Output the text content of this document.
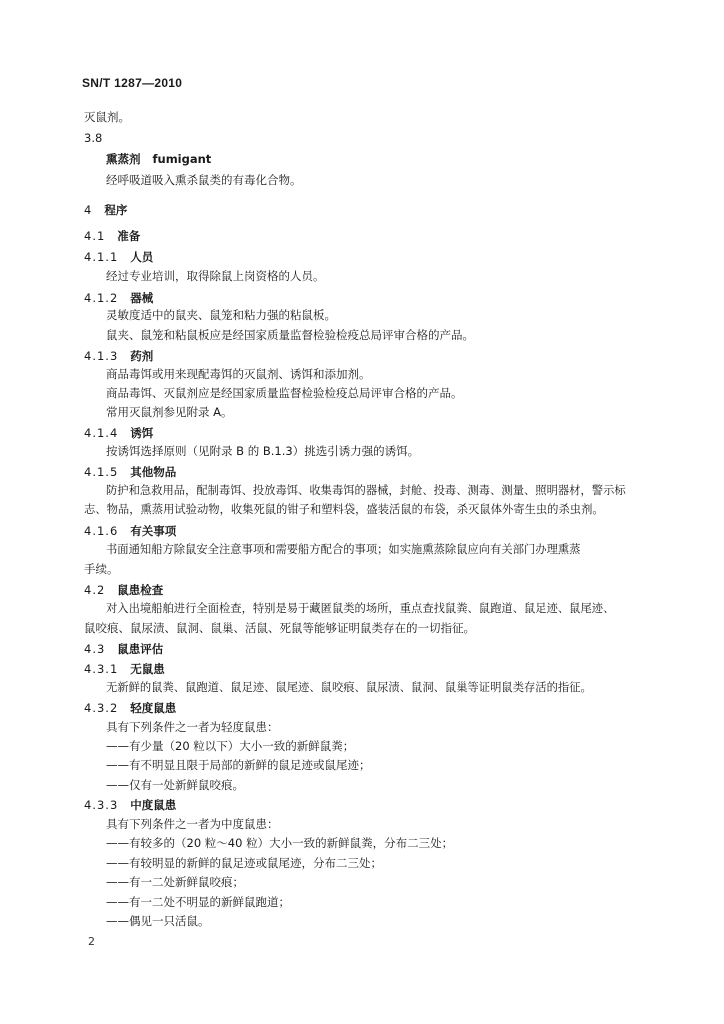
SN/T 1287—2010
灭鼠剂。
3.8
熏蒸剂 fumigant
经呼吸道吸入熏杀鼠类的有毒化合物。
4 程序
4.1 准备
4.1.1 人员
经过专业培训，取得除鼠上岗资格的人员。
4.1.2 器械
灵敏度适中的鼠夹、鼠笼和粘力强的粘鼠板。
鼠夹、鼠笼和粘鼠板应是经国家质量监督检验检疫总局评审合格的产品。
4.1.3 药剂
商品毒饵或用来现配毒饵的灭鼠剂、诱饵和添加剂。
商品毒饵、灭鼠剂应是经国家质量监督检验检疫总局评审合格的产品。
常用灭鼠剂参见附录 A。
4.1.4 诱饵
按诱饵选择原则（见附录 B 的 B.1.3）挑选引诱力强的诱饵。
4.1.5 其他物品
防护和急救用品，配制毒饵、投放毒饵、收集毒饵的器械，封舱、投毒、测毒、测量、照明器材，警示标
志、物品，熏蒸用试验动物，收集死鼠的钳子和塑料袋，盛装活鼠的布袋，杀灭鼠体外寄生虫的杀虫剂。
4.1.6 有关事项
书面通知船方除鼠安全注意事项和需要船方配合的事项；如实施熏蒸除鼠应向有关部门办理熏蒸
手续。
4.2 鼠患检查
对入出境船舶进行全面检查，特别是易于藏匿鼠类的场所，重点查找鼠粪、鼠跑道、鼠足迹、鼠尾迹、
鼠咬痕、鼠尿渍、鼠洞、鼠巢、活鼠、死鼠等能够证明鼠类存在的一切指征。
4.3 鼠患评估
4.3.1 无鼠患
无新鲜的鼠粪、鼠跑道、鼠足迹、鼠尾迹、鼠咬痕、鼠尿渍、鼠洞、鼠巢等证明鼠类存活的指征。
4.3.2 轻度鼠患
具有下列条件之一者为轻度鼠患：
——有少量（20 粒以下）大小一致的新鲜鼠粪；
——有不明显且限于局部的新鲜的鼠足迹或鼠尾迹；
——仅有一处新鲜鼠咬痕。
4.3.3 中度鼠患
具有下列条件之一者为中度鼠患：
——有较多的（20 粒～40 粒）大小一致的新鲜鼠粪，分布二三处；
——有较明显的新鲜的鼠足迹或鼠尾迹，分布二三处；
——有一二处新鲜鼠咬痕；
——有一二处不明显的新鲜鼠跑道；
——偶见一只活鼠。
2
